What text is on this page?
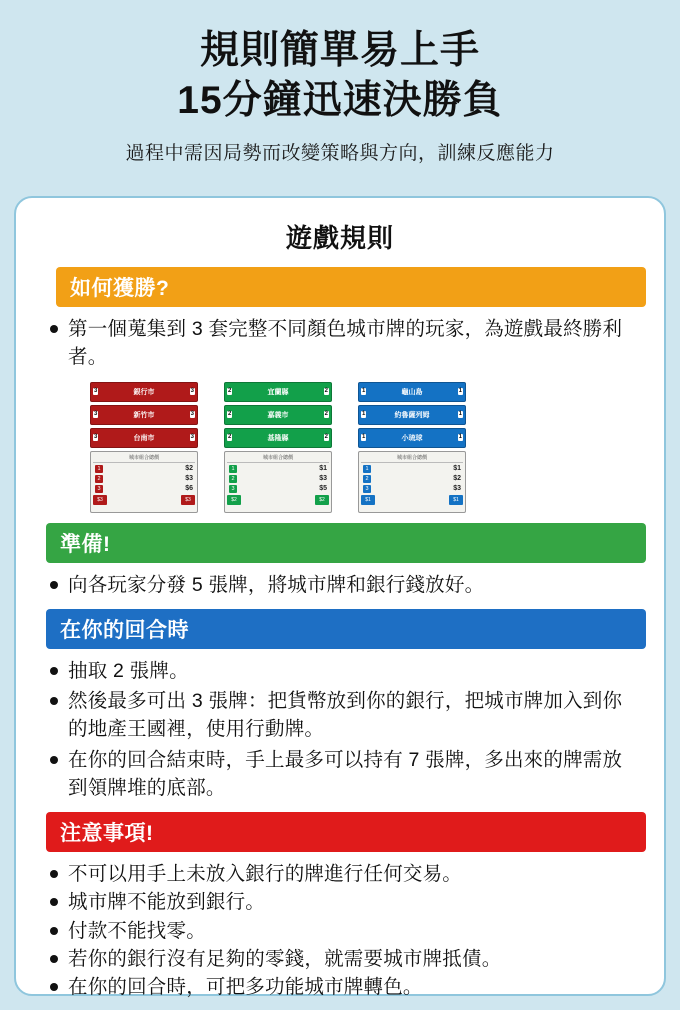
規則簡單易上手
15分鐘迅速決勝負
過程中需因局勢而改變策略與方向，訓練反應能力
遊戲規則
如何獲勝?
第一個蒐集到 3 套完整不同顏色城市牌的玩家，為遊戲最終勝利者。
3	銀行市	3
3	新竹市	3
3	台南市	3
城市組合總價
1	$2
2	$3
3	$6
$3	$3
2	宜蘭縣	2
2	嘉義市	2
2	基隆縣	2
城市組合總價
1	$1
2	$3
3	$5
$2	$2
1	龜山島	1
1	約魯薩列姆	1
1	小琉球	1
城市組合總價
1	$1
2	$2
3	$3
$1	$1
準備!
向各玩家分發 5 張牌，將城市牌和銀行錢放好。
在你的回合時
抽取 2 張牌。
然後最多可出 3 張牌：把貨幣放到你的銀行，把城市牌加入到你的地產王國裡，使用行動牌。
在你的回合結束時，手上最多可以持有 7 張牌，多出來的牌需放到領牌堆的底部。
注意事項!
不可以用手上未放入銀行的牌進行任何交易。
城市牌不能放到銀行。
付款不能找零。
若你的銀行沒有足夠的零錢，就需要城市牌抵債。
在你的回合時，可把多功能城市牌轉色。
